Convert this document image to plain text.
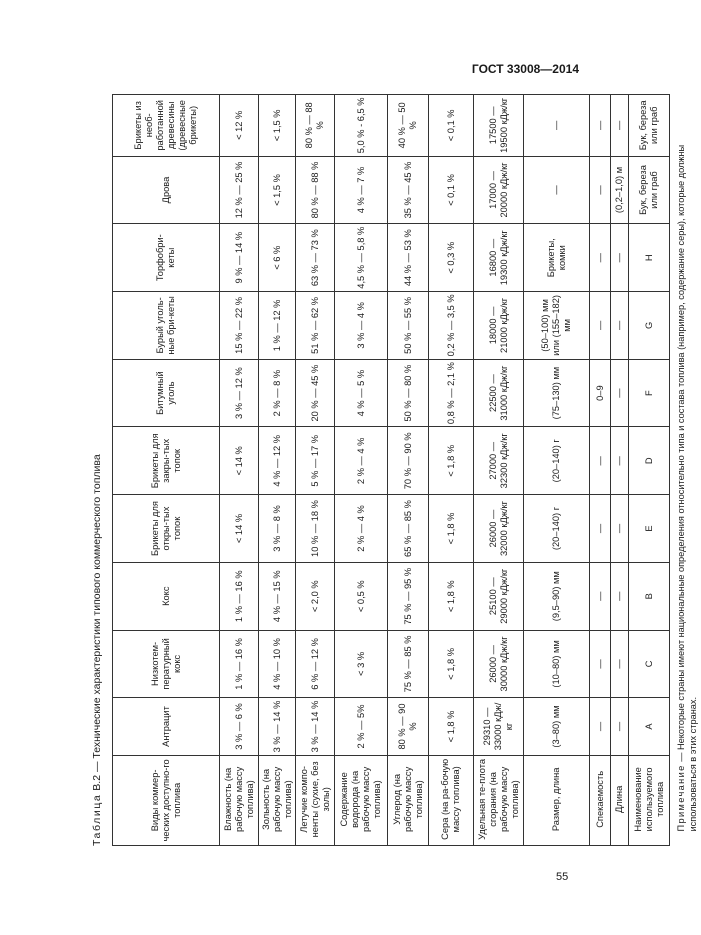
ГОСТ 33008—2014
Таблица В.2 — Технические характеристики типового коммерческого топлива
Виды коммер-ческих доступно-го топлива	Антрацит	Низкотем-пературный кокс	Кокс	Брикеты для откры-тых топок	Брикеты для закры-тых топок	Битумный уголь	Бурый уголь-ные бри-кеты	Торфобри-кеты	Дрова	Брикеты из необ-работанной древесины (древесные брикеты)
Влажность (на рабочую массу топлива)	3 % — 6 %	1 % — 16 %	1 % — 16 %	< 14 %	< 14 %	3 % — 12 %	15 % — 22 %	9 % — 14 %	12 % — 25 %	< 12 %
Зольность (на рабочую массу топлива)	3 % — 14 %	4 % — 10 %	4 % — 15 %	3 % — 8 %	4 % — 12 %	2 % — 8 %	1 % — 12 %	< 6 %	< 1,5 %	< 1,5 %
Летучие компо-ненты (сухие, без золы)	3 % — 14 %	6 % — 12 %	< 2,0 %	10 % — 18 %	5 % — 17 %	20 % — 45 %	51 % — 62 %	63 % — 73 %	80 % — 88 %	80 % — 88 %
Содержание водорода (на рабочую массу топлива)	2 % — 5%	< 3 %	< 0,5 %	2 % — 4 %	2 % — 4 %	4 % — 5 %	3 % — 4 %	4,5 % — 5,8 %	4 % — 7 %	5,0 % - 6,5 %
Углерод (на рабочую массу топлива)	80 % — 90 %	75 % — 85 %	75 % — 95 %	65 % — 85 %	70 % — 90 %	50 % — 80 %	50 % — 55 %	44 % — 53 %	35 % — 45 %	40 % — 50 %
Сера (на ра-бочую массу топлива)	< 1,8 %	< 1,8 %	< 1,8 %	< 1,8 %	< 1,8 %	0,8 % — 2,1 %	0,2 % — 3,5 %	< 0,3 %	< 0,1 %	< 0,1 %
Удельная те-плота сгорания (на рабочую массу топлива)	29310 — 33000 кДж/кг	26000 — 30000 кДж/кг	25100 — 29000 кДж/кг	26000 — 32000 кДж/кг	27000 — 32300 кДж/кг	22500 — 31000 кДж/кг	18000 — 21000 кДж/кг	16800 — 19300 кДж/кг	17000 — 20000 кДж/кг	17500 — 19500 кДж/кг
Размер, длина	(3–80) мм	(10–80) мм	(9,5–90) мм	(20–140) г	(20–140) г	(75–130) мм	(50–100) мм или (155–182) мм	Брикеты, комки	—	—
Спекаемость	—	—	—	—	—	0–9	—	—	—	—
Длина	—	—	—	—	—	—	—	—	(0,2–1,0) м	—
Наименование используемого топлива	A	C	B	E	D	F	G	H	Бук, береза или граб	Бук, береза или граб
Примечание — Некоторые страны имеют национальные определения относительно типа и состава топлива (например, содержание серы), которые должны использоваться в этих странах.										
55
